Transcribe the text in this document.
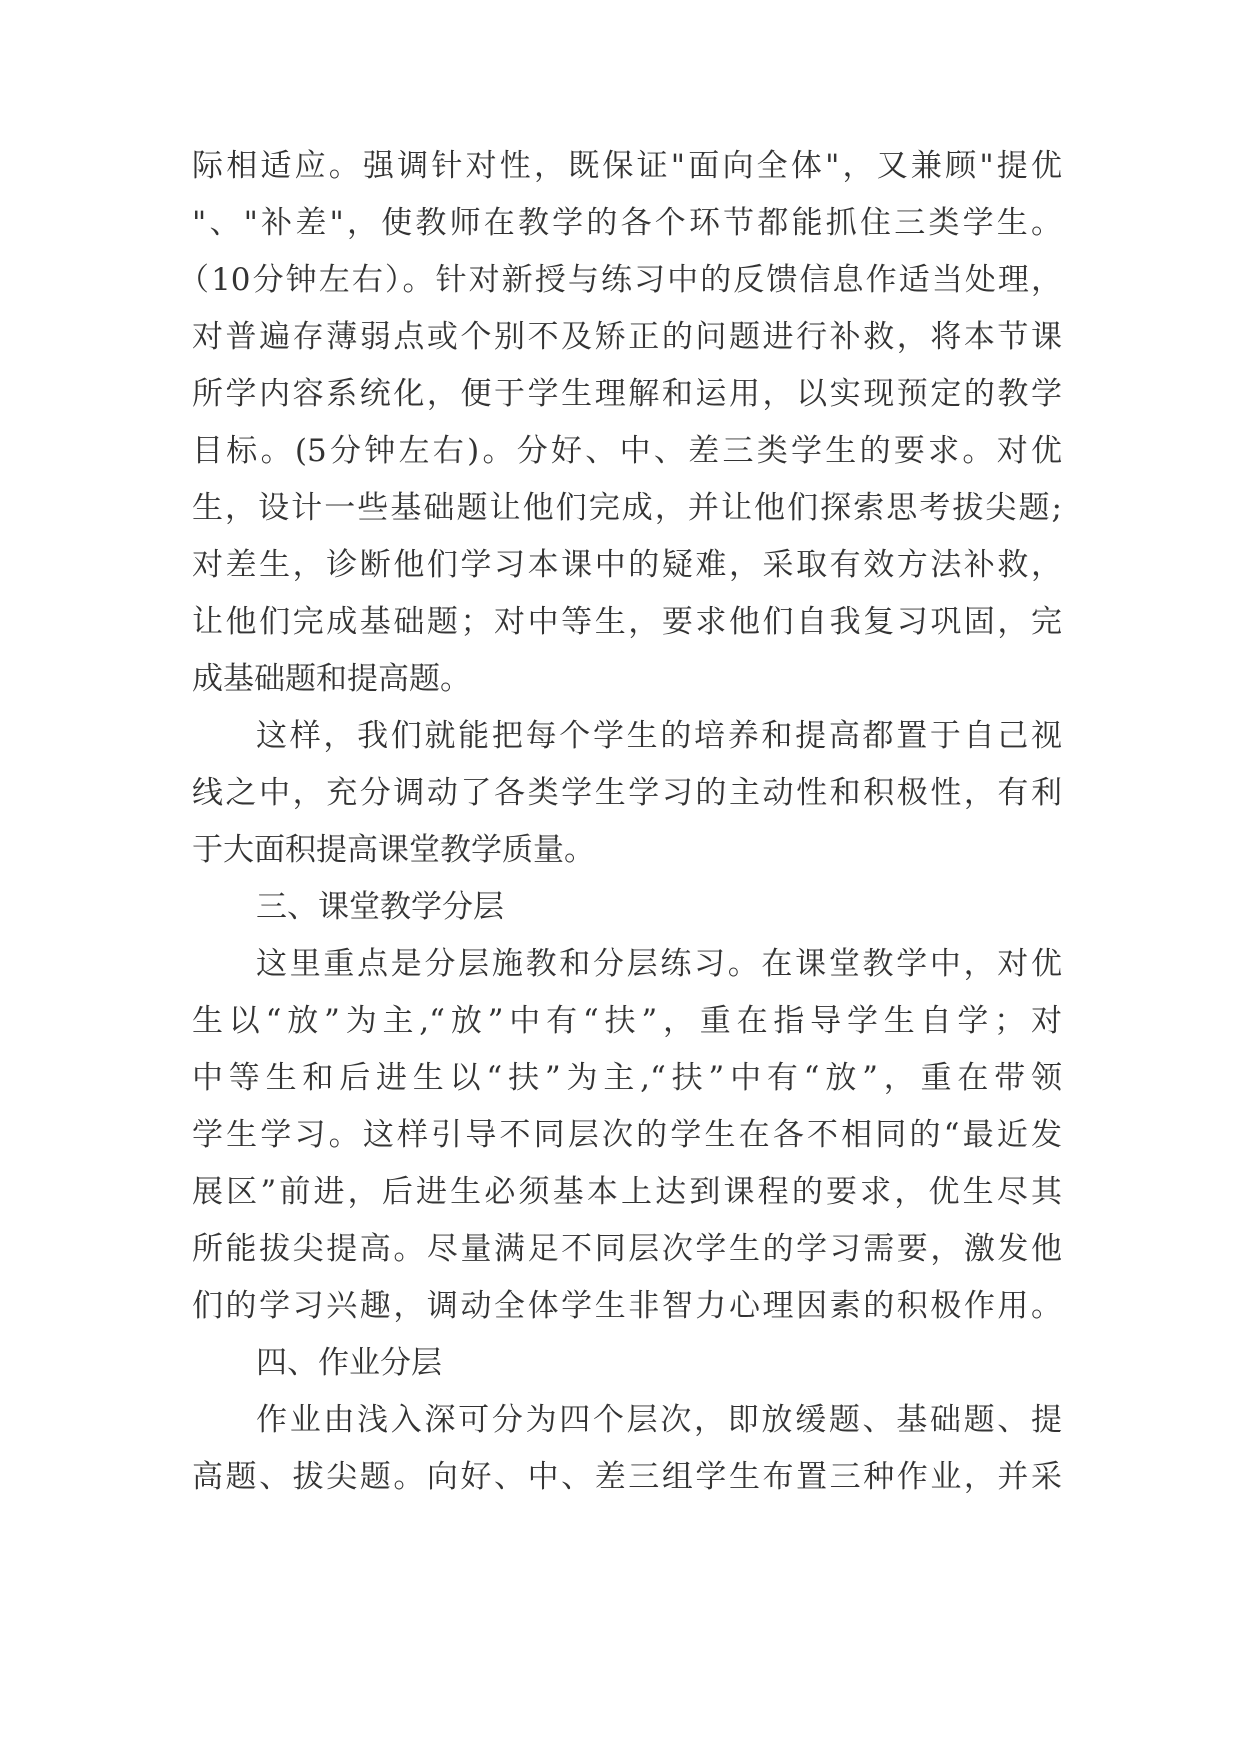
际相适应。强调针对性，既保证"面向全体"，又兼顾"提优
"、"补差"，使教师在教学的各个环节都能抓住三类学生。
（10分钟左右）。针对新授与练习中的反馈信息作适当处理，
对普遍存薄弱点或个别不及矫正的问题进行补救，将本节课
所学内容系统化，便于学生理解和运用，以实现预定的教学
目标。(5分钟左右)。分好、中、差三类学生的要求。对优
生，设计一些基础题让他们完成，并让他们探索思考拔尖题;
对差生，诊断他们学习本课中的疑难，采取有效方法补救，
让他们完成基础题；对中等生，要求他们自我复习巩固，完
成基础题和提高题。
这样，我们就能把每个学生的培养和提高都置于自己视
线之中，充分调动了各类学生学习的主动性和积极性，有利
于大面积提高课堂教学质量。
三、课堂教学分层
这里重点是分层施教和分层练习。在课堂教学中，对优
生以“放”为主,“放”中有“扶”，重在指导学生自学；对
中等生和后进生以“扶”为主,“扶”中有“放”，重在带领
学生学习。这样引导不同层次的学生在各不相同的“最近发
展区”前进，后进生必须基本上达到课程的要求，优生尽其
所能拔尖提高。尽量满足不同层次学生的学习需要，激发他
们的学习兴趣，调动全体学生非智力心理因素的积极作用。
四、作业分层
作业由浅入深可分为四个层次，即放缓题、基础题、提
高题、拔尖题。向好、中、差三组学生布置三种作业，并采
